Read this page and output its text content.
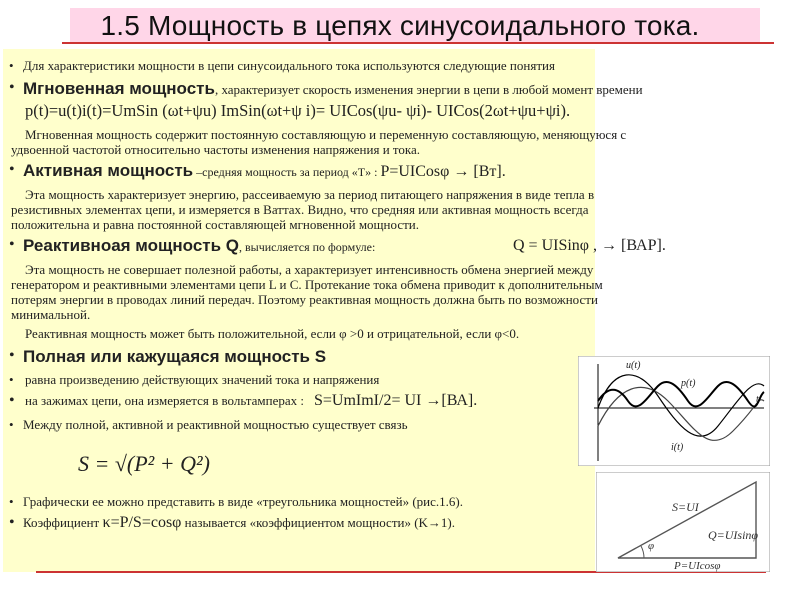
1.5 Мощность в цепях синусоидального тока.
• Для характеристики мощности в цепи синусоидального тока используются следующие понятия
• Мгновенная мощность, характеризует скорость изменения энергии в цепи в любой момент времени
p(t)=u(t)i(t)=UmSin (ωt+ψu) ImSin(ωt+ψ i)= UICos(ψu- ψi)- UICos(2ωt+ψu+ψi).
Мгновенная мощность содержит постоянную составляющую и переменную составляющую, меняющуюся с
удвоенной частотой относительно частоты изменения напряжения и тока.
• Активная мощность –средняя мощность за период «T» : P=UICosφ → [Вт].
Эта мощность характеризует энергию, рассеиваемую за период питающего напряжения в виде тепла в
резистивных элементах цепи, и измеряется в Ваттах. Видно, что средняя или активная мощность всегда
положительна и равна постоянной составляющей мгновенной мощности.
• Реактивноая мощность Q, вычисляется по формуле:	Q = UISinφ , → [ВАР].
Эта мощность не совершает полезной работы, а характеризует интенсивность обмена энергией между
генератором и реактивными элементами цепи L и C. Протекание тока обмена приводит к дополнительным
потерям энергии в проводах линий передач. Поэтому реактивная мощность должна быть по возможности
минимальной.
Реактивная мощность может быть положительной, если φ >0 и отрицательной, если φ<0.
• Полная или кажущаяся мощность S
• равна произведению действующих значений тока и напряжения
• на зажимах цепи, она измеряется в вольтамперах : S=UmImI/2= UI →[ВА].
• Между полной, активной и реактивной мощностью существует связь
S = √(P² + Q²)
• Графически ее можно представить в виде «треугольника мощностей» (рис.1.6).
• Коэффициент κ=P/S=cosφ называется «коэффициентом мощности» (K→1).
u(t)
p(t)
i(t)
t
S=UI
Q=UIsinφ
φ
P=UIcosφ
